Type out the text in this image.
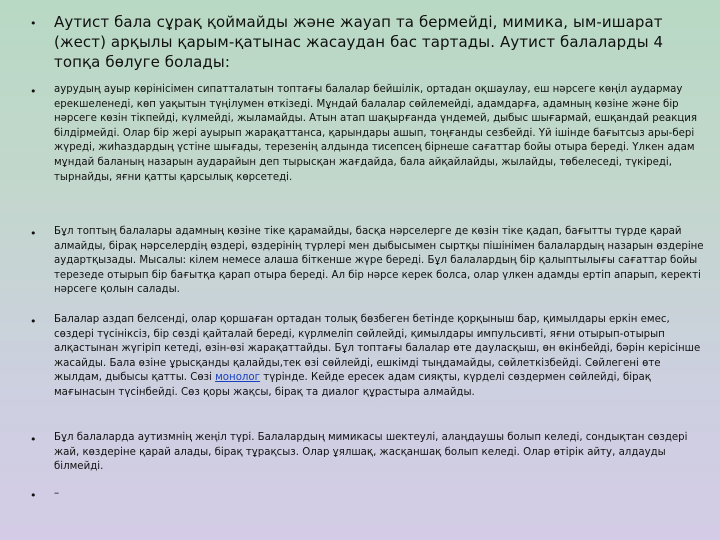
• Аутист бала сұрақ қоймайды және жауап та бермейді, мимика, ым-ишарат (жест) арқылы қарым-қатынас жасаудан бас тартады. Аутист балаларды 4 топқа бөлуге болады:
• аурудың ауыр көрінісімен сипатталатын топтағы балалар бейшілік, ортадан оқшаулау, еш нәрсеге көңіл аудармау ерекшеленеді, көп уақытын түңілумен өткізеді. Мұндай балалар сөйлемейді, адамдарға, адамның көзіне және бір нәрсеге көзін тікпейді, күлмейді, жыламайды. Атын атап шақырғанда үндемей, дыбыс шығармай, ешқандай реакция білдірмейді. Олар бір жері ауырып жарақаттанса, қарындары ашып, тоңғанды сезбейді. Үй ішінде бағытсыз ары-бері жүреді, жиһаздардың үстіне шығады, терезенің алдында тисепсең бірнеше сағаттар бойы отыра береді. Үлкен адам мұндай баланың назарын аударайын деп тырысқан жағдайда, бала айқайлайды, жылайды, төбелеседі, түкіреді, тырнайды, яғни қатты қарсылық көрсетеді.
• Бұл топтың балалары адамның көзіне тіке қарамайды, басқа нәрселерге де көзін тіке қадап, бағытты түрде қарай алмайды, бірақ нәрселердің өздері, өздерінің түрлері мен дыбысымен сыртқы пішінімен балалардың назарын өздеріне аудартқызады. Мысалы: кілем немесе алаша біткенше жүре береді. Бұл балалардың бір қалыптылығы сағаттар бойы терезеде отырып бір бағытқа қарап отыра береді. Ал бір нәрсе керек болса, олар үлкен адамды ертіп апарып, керекті нәрсеге қолын салады.
• Балалар аздап белсенді, олар қоршаған ортадан толық бөзбеген бетінде қорқыныш бар, қимылдары еркін емес, сөздері түсініксіз, бір сөзді қайталай береді, күрлмеліп сөйлейді, қимылдары импульсивті, яғни отырып-отырып алқастынан жүгіріп кетеді, өзін-өзі жарақаттайды. Бұл топтағы балалар өте даулаcқыш, өн өкінбейді, бәрін керісінше жасайды. Бала өзіне ұрысқанды қалайды,тек өзі сөйлейді, ешкімді тыңдамайды, сөйлеткізбейді. Сөйлегені өте жылдам, дыбысы қатты. Сөзі монолог түрінде. Кейде ересек адам сияқты, күрделі сөздермен сөйлейді, бірақ мағынасын түсінбейді. Сөз қоры жақсы, бірақ та диалог құрастыра алмайды.
• Бұл балаларда аутизмнің жеңіл түрі. Балалардың мимикасы шектеулі, алаңдаушы болып келеді, сондықтан сөздері жай, көздеріне қарай алады, бірақ тұрақсыз. Олар ұялшақ, жасқаншақ болып келеді. Олар өтірік айту, алдауды білмейді.
• –
